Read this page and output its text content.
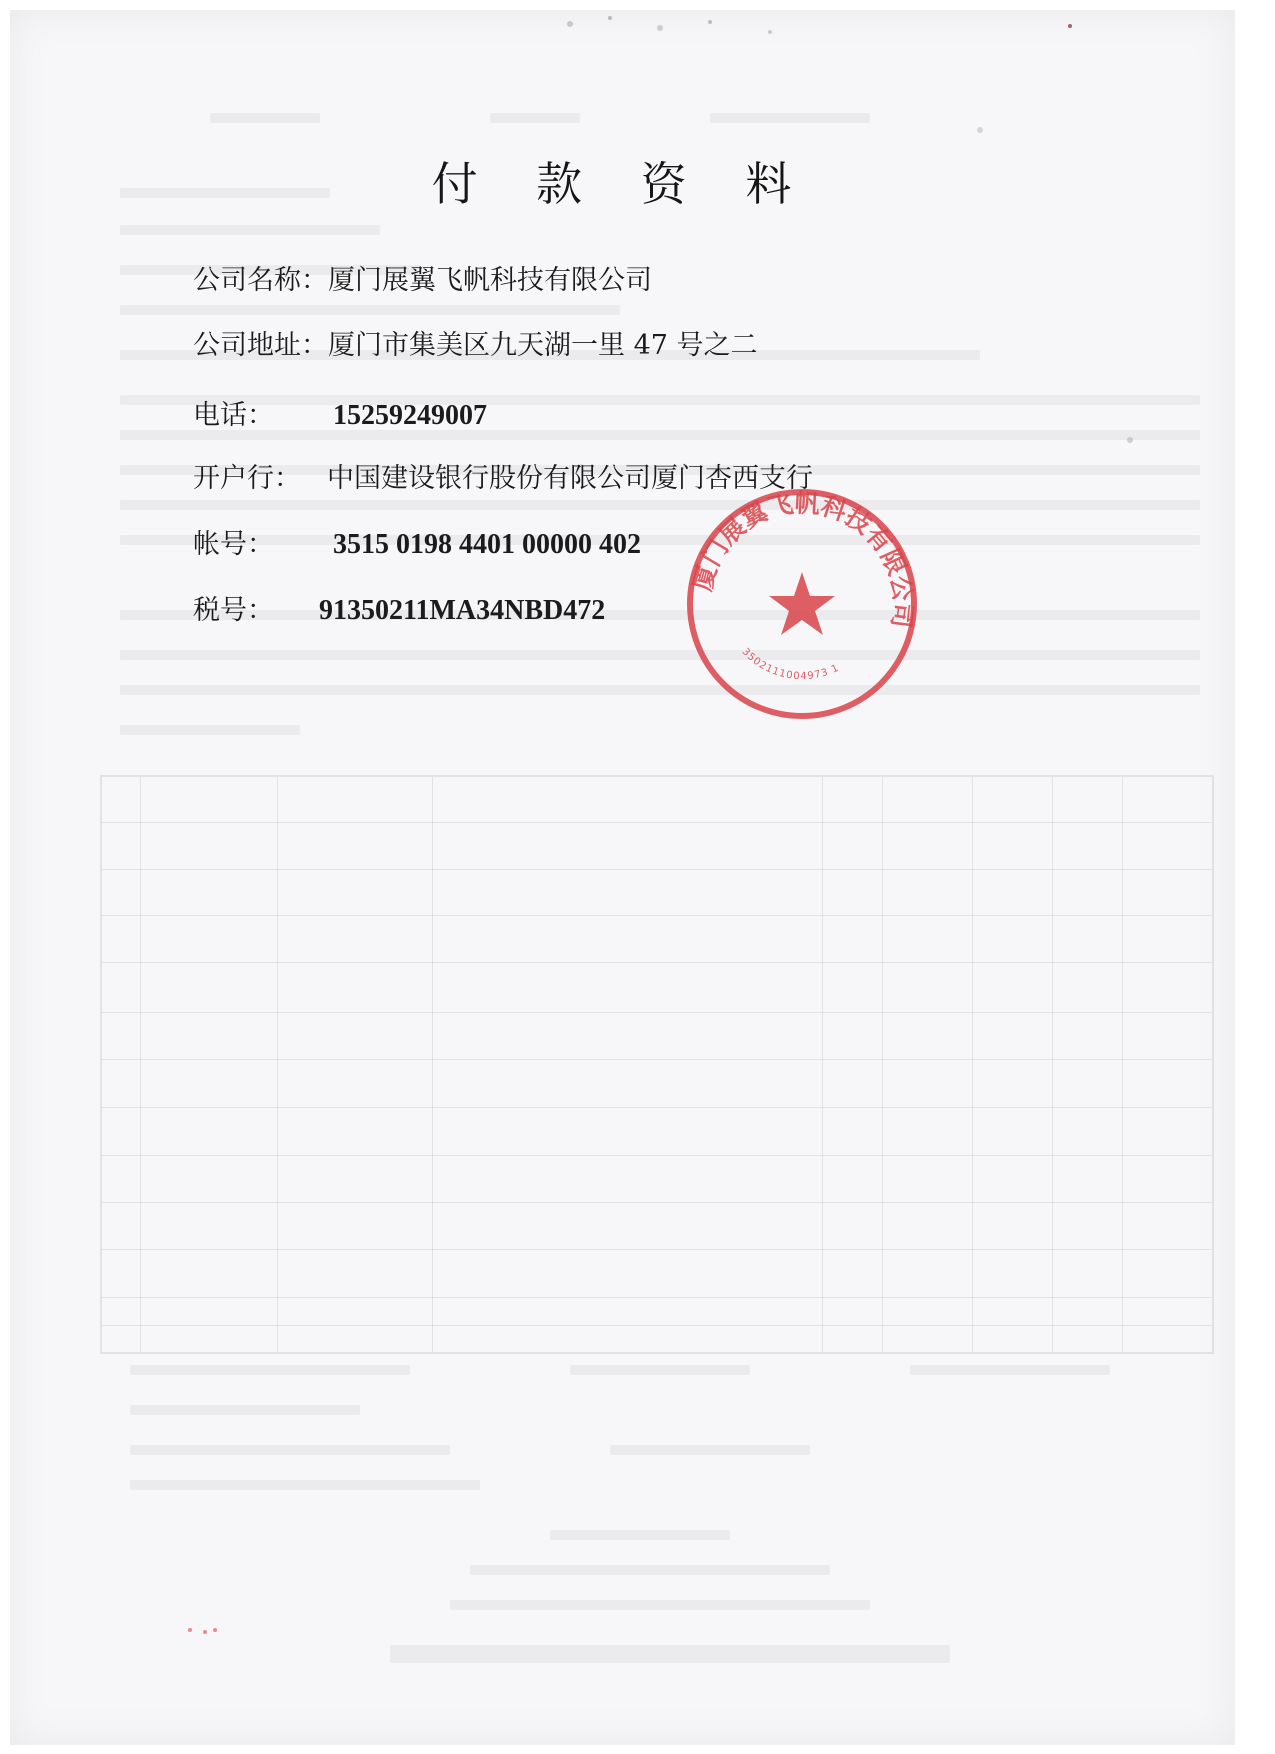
付 款 资 料
公司名称：厦门展翼飞帆科技有限公司
公司地址：厦门市集美区九天湖一里 47 号之二
电话： 15259249007
开户行： 中国建设银行股份有限公司厦门杏西支行
帐号： 3515 0198 4401 00000 402
税号： 91350211MA34NBD472
厦门展翼飞帆科技有限公司
3502111004973 1
